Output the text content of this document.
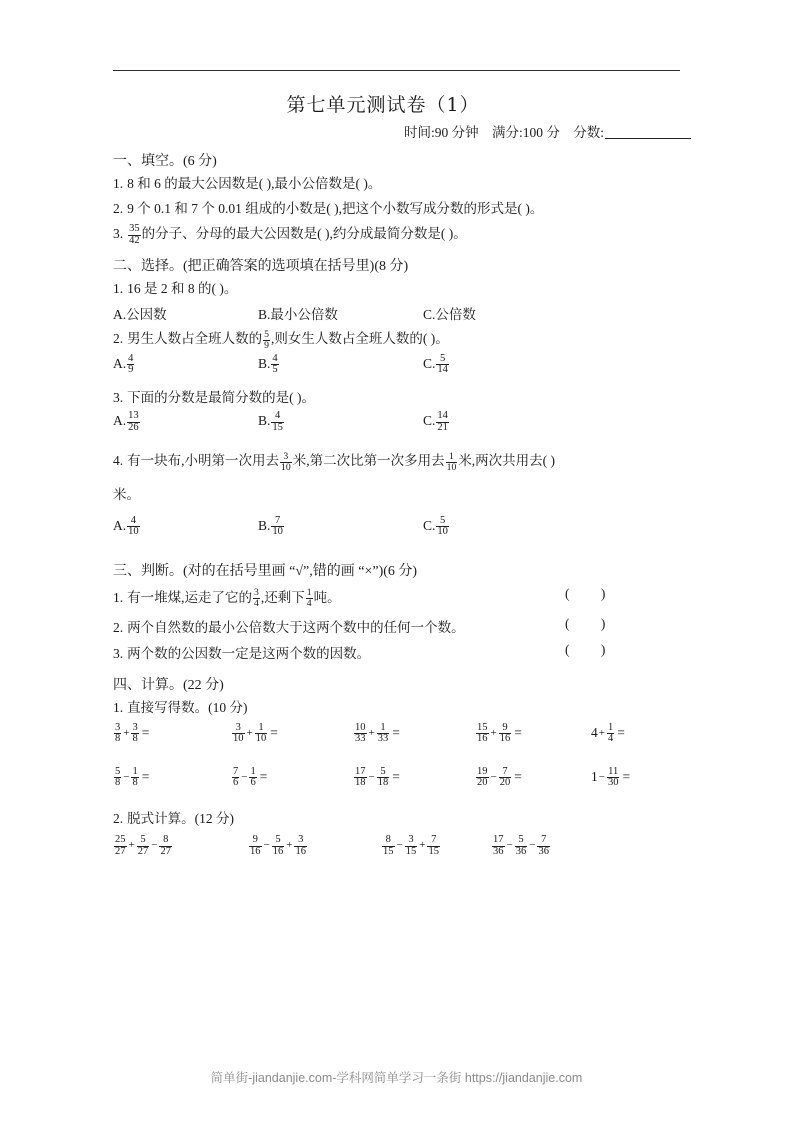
第七单元测试卷（1）
时间:90 分钟 满分:100 分 分数:
一、填空。(6 分)
1. 8 和 6 的最大公因数是( ),最小公倍数是( )。
2. 9 个 0.1 和 7 个 0.01 组成的小数是( ),把这个小数写成分数的形式是( )。
3. $\frac{35}{42}$ 的分子、分母的最大公因数是( ),约分成最简分数是( )。
二、选择。(把正确答案的选项填在括号里)(8 分)
1. 16 是 2 和 8 的( )。
A.公因数	B.最小公倍数	C.公倍数
2. 男生人数占全班人数的 $\frac{5}{9}$ ,则女生人数占全班人数的( )。
A. $\frac{4}{9}$	B. $\frac{4}{5}$	C. $\frac{5}{14}$
3. 下面的分数是最简分数的是( )。
A. $\frac{13}{26}$	B. $\frac{4}{15}$	C. $\frac{14}{21}$
4. 有一块布,小明第一次用去 $\frac{3}{10}$ 米,第二次比第一次多用去 $\frac{1}{10}$ 米,两次共用去( )
米。
A. $\frac{4}{10}$	B. $\frac{7}{10}$	C. $\frac{5}{10}$
三、判断。(对的在括号里画 “√”,错的画 “×”)(6 分)
1. 有一堆煤,运走了它的 $\frac{3}{4}$ ,还剩下 $\frac{1}{4}$ 吨。	( )
2. 两个自然数的最小公倍数大于这两个数中的任何一个数。	( )
3. 两个数的公因数一定是这两个数的因数。	( )
四、计算。(22 分)
1. 直接写得数。(10 分)
$\frac{3}{8} + \frac{3}{8}$ =	$\frac{3}{10} + \frac{1}{10}$ =	$\frac{10}{33} + \frac{1}{33}$ =	$\frac{15}{16} + \frac{9}{16}$ =	$4+ \frac{1}{4}$ =
$\frac{5}{8} - \frac{1}{8}$ =	$\frac{7}{6} - \frac{1}{6}$ =	$\frac{17}{18} - \frac{5}{18}$ =	$\frac{19}{20} - \frac{7}{20}$ =	$1- \frac{11}{30}$ =
2. 脱式计算。(12 分)
$\frac{25}{27} + \frac{5}{27} - \frac{8}{27}$	$\frac{9}{16} - \frac{5}{16} + \frac{3}{16}$	$\frac{8}{15} - \frac{3}{15} + \frac{7}{15}$	$\frac{17}{36} - \frac{5}{36} - \frac{7}{36}$
简单街-jiandanjie.com-学科网简单学习一条街 https://jiandanjie.com
